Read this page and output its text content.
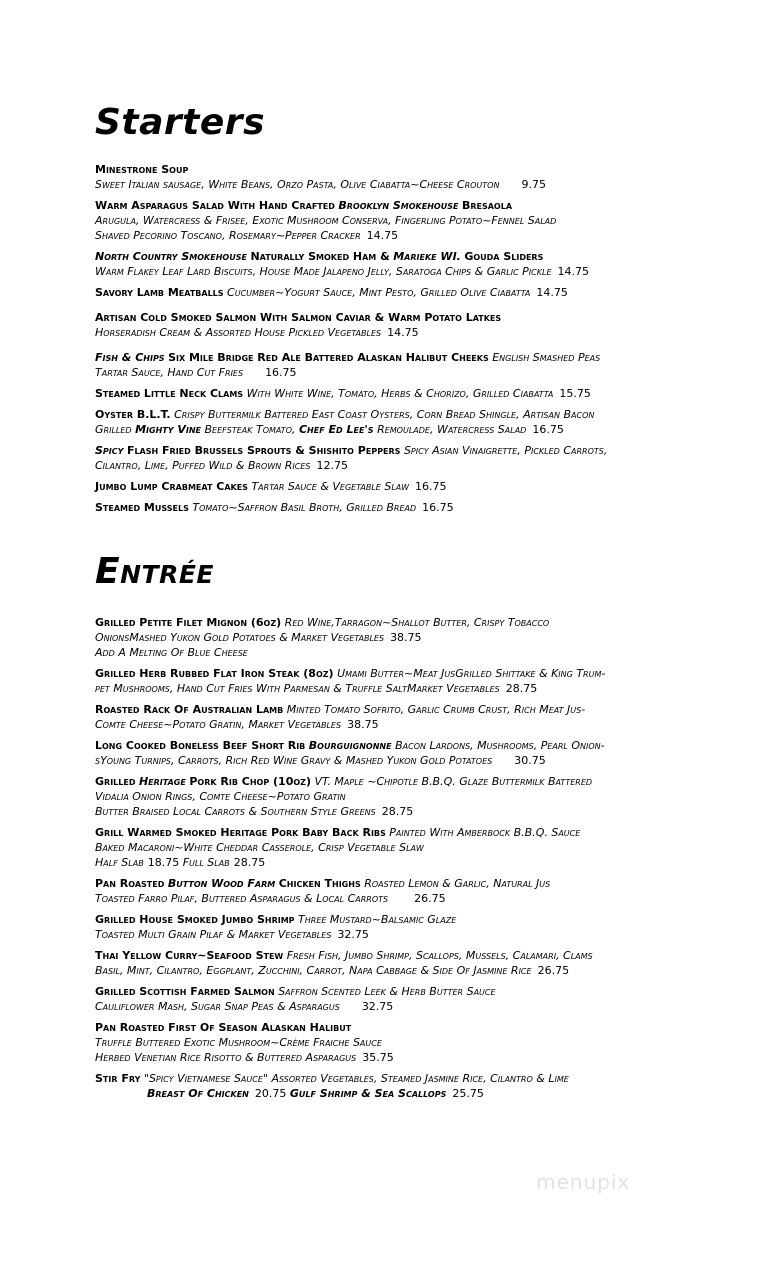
Starters
Minestrone Soup
Sweet Italian sausage, White Beans, Orzo Pasta, Olive Ciabatta~Cheese Crouton 9.75
Warm Asparagus Salad With Hand Crafted Brooklyn Smokehouse Bresaola
Arugula, Watercress & Frisee, Exotic Mushroom Conserva, Fingerling Potato~Fennel Salad
Shaved Pecorino Toscano, Rosemary~Pepper Cracker 14.75
North Country Smokehouse Naturally Smoked Ham & Marieke WI. Gouda Sliders
Warm Flakey Leaf Lard Biscuits, House Made Jalapeno Jelly, Saratoga Chips & Garlic Pickle 14.75
Savory Lamb Meatballs Cucumber~Yogurt Sauce, Mint Pesto, Grilled Olive Ciabatta 14.75
Artisan Cold Smoked Salmon With Salmon Caviar & Warm Potato Latkes
Horseradish Cream & Assorted House Pickled Vegetables 14.75
Fish & Chips Six Mile Bridge Red Ale Battered Alaskan Halibut Cheeks English Smashed Peas
Tartar Sauce, Hand Cut Fries 16.75
Steamed Little Neck Clams With White Wine, Tomato, Herbs & Chorizo, Grilled Ciabatta 15.75
Oyster B.L.T. Crispy Buttermilk Battered East Coast Oysters, Corn Bread Shingle, Artisan Bacon
Grilled Mighty Vine Beefsteak Tomato, Chef Ed Lee's Remoulade, Watercress Salad 16.75
Spicy Flash Fried Brussels Sprouts & Shishito Peppers Spicy Asian Vinaigrette, Pickled Carrots,
Cilantro, Lime, Puffed Wild & Brown Rices 12.75
Jumbo Lump Crabmeat Cakes Tartar Sauce & Vegetable Slaw 16.75
Steamed Mussels Tomato~Saffron Basil Broth, Grilled Bread 16.75
Entrée
Grilled Petite Filet Mignon (6oz) Red Wine,Tarragon~Shallot Butter, Crispy Tobacco
OnionsMashed Yukon Gold Potatoes & Market Vegetables 38.75
Add A Melting Of Blue Cheese
Grilled Herb Rubbed Flat Iron Steak (8oz) Umami Butter~Meat JusGrilled Shittake & King Trum-
pet Mushrooms, Hand Cut Fries With Parmesan & Truffle SaltMarket Vegetables 28.75
Roasted Rack Of Australian Lamb Minted Tomato Sofrito, Garlic Crumb Crust, Rich Meat Jus-
Comte Cheese~Potato Gratin, Market Vegetables 38.75
Long Cooked Boneless Beef Short Rib Bourguignonne Bacon Lardons, Mushrooms, Pearl Onion-
sYoung Turnips, Carrots, Rich Red Wine Gravy & Mashed Yukon Gold Potatoes 30.75
Grilled Heritage Pork Rib Chop (10oz) VT. Maple ~Chipotle B.B.Q. Glaze Buttermilk Battered
Vidalia Onion Rings, Comte Cheese~Potato Gratin
Butter Braised Local Carrots & Southern Style Greens 28.75
Grill Warmed Smoked Heritage Pork Baby Back Ribs Painted With Amberbock B.B.Q. Sauce
Baked Macaroni~White Cheddar Casserole, Crisp Vegetable Slaw
Half Slab 18.75 Full Slab 28.75
Pan Roasted Button Wood Farm Chicken Thighs Roasted Lemon & Garlic, Natural Jus
Toasted Farro Pilaf, Buttered Asparagus & Local Carrots 26.75
Grilled House Smoked Jumbo Shrimp Three Mustard~Balsamic Glaze
Toasted Multi Grain Pilaf & Market Vegetables 32.75
Thai Yellow Curry~Seafood Stew Fresh Fish, Jumbo Shrimp, Scallops, Mussels, Calamari, Clams
Basil, Mint, Cilantro, Eggplant, Zucchini, Carrot, Napa Cabbage & Side Of Jasmine Rice 26.75
Grilled Scottish Farmed Salmon Saffron Scented Leek & Herb Butter Sauce
Cauliflower Mash, Sugar Snap Peas & Asparagus 32.75
Pan Roasted First Of Season Alaskan Halibut
Truffle Buttered Exotic Mushroom~Crème Fraiche Sauce
Herbed Venetian Rice Risotto & Buttered Asparagus 35.75
Stir Fry "Spicy Vietnamese Sauce" Assorted Vegetables, Steamed Jasmine Rice, Cilantro & Lime
Breast Of Chicken 20.75 Gulf Shrimp & Sea Scallops 25.75
menupix
